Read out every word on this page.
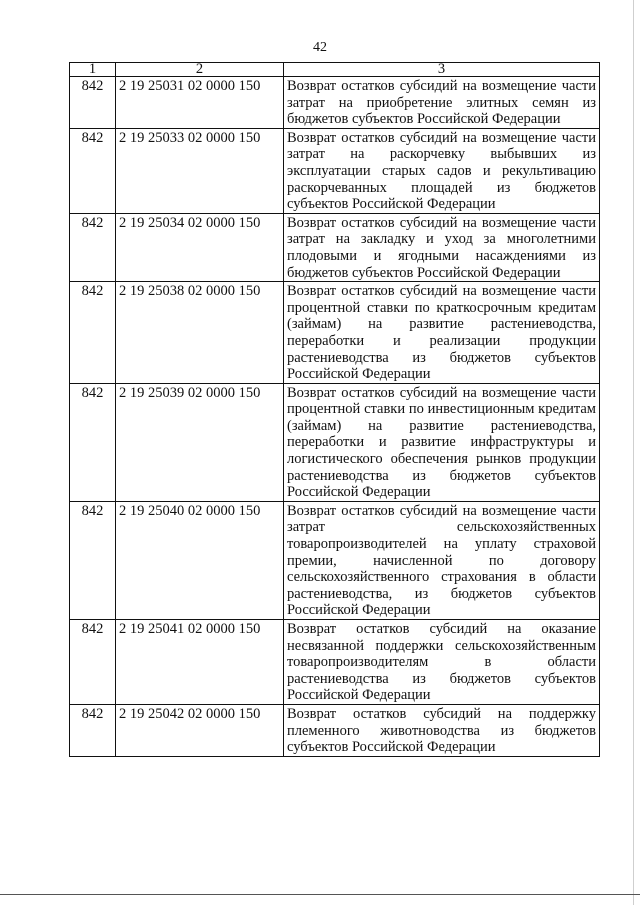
42
1	2	3
842	2 19 25031 02 0000 150	Возврат остатков субсидий на возмещение части затрат на приобретение элитных семян из бюджетов субъектов Российской Федерации

842	2 19 25033 02 0000 150	Возврат остатков субсидий на возмещение части затрат на раскорчевку выбывших из эксплуатации старых садов и рекультивацию раскорчеванных площадей из бюджетов субъектов Российской Федерации

842	2 19 25034 02 0000 150	Возврат остатков субсидий на возмещение части затрат на закладку и уход за многолетними плодовыми и ягодными насаждениями из бюджетов субъектов Российской Федерации

842	2 19 25038 02 0000 150	Возврат остатков субсидий на возмещение части процентной ставки по краткосрочным кредитам (займам) на развитие растениеводства, переработки и реализации продукции растениеводства из бюджетов субъектов Российской Федерации

842	2 19 25039 02 0000 150	Возврат остатков субсидий на возмещение части процентной ставки по инвестиционным кредитам (займам) на развитие растениеводства, переработки и развитие инфраструктуры и логистического обеспечения рынков продукции растениеводства из бюджетов субъектов Российской Федерации

842	2 19 25040 02 0000 150	Возврат остатков субсидий на возмещение части затрат сельскохозяйственных товаропроизводителей на уплату страховой премии, начисленной по договору сельскохозяйственного страхования в области растениеводства, из бюджетов субъектов Российской Федерации

842	2 19 25041 02 0000 150	Возврат остатков субсидий на оказание несвязанной поддержки сельскохозяйственным товаропроизводителям в области растениеводства из бюджетов субъектов Российской Федерации

842	2 19 25042 02 0000 150	Возврат остатков субсидий на поддержку племенного животноводства из бюджетов субъектов Российской Федерации
